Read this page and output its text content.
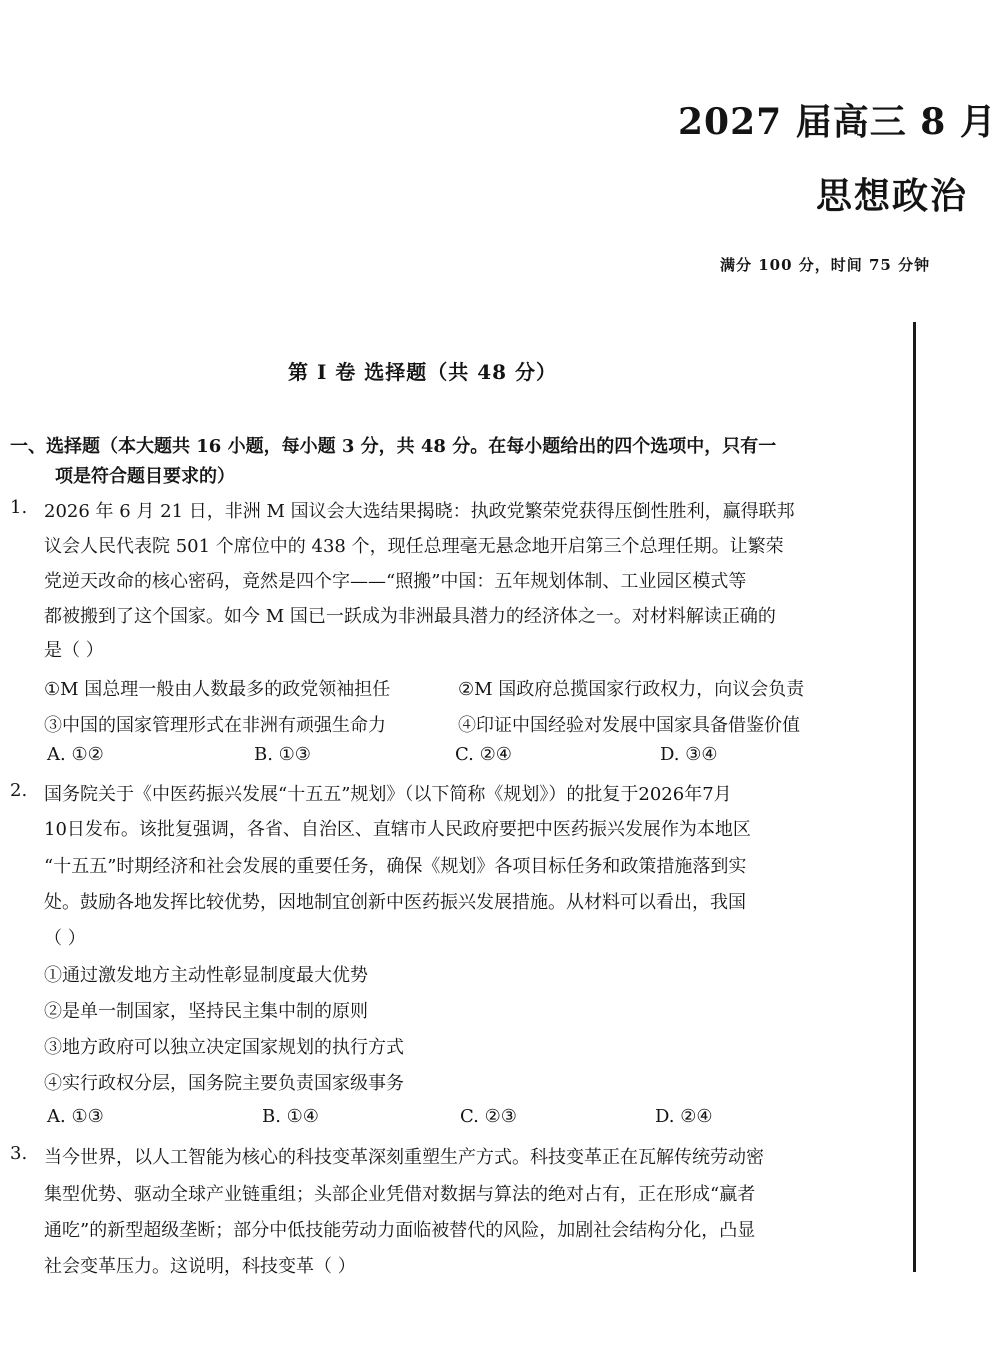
2027 届高三 8 月
思想政治
满分 100 分，时间 75 分钟
第 I 卷 选择题（共 48 分）
一、选择题（本大题共 16 小题，每小题 3 分，共 48 分。在每小题给出的四个选项中，只有一
项是符合题目要求的）
1. 2026 年 6 月 21 日，非洲 M 国议会大选结果揭晓：执政党繁荣党获得压倒性胜利，赢得联邦
议会人民代表院 501 个席位中的 438 个，现任总理毫无悬念地开启第三个总理任期。让繁荣
党逆天改命的核心密码，竟然是四个字——“照搬”中国：五年规划体制、工业园区模式等
都被搬到了这个国家。如今 M 国已一跃成为非洲最具潜力的经济体之一。对材料解读正确的
是（ ）
①M 国总理一般由人数最多的政党领袖担任	②M 国政府总揽国家行政权力，向议会负责
③中国的国家管理形式在非洲有顽强生命力	④印证中国经验对发展中国家具备借鉴价值
A. ①②	B. ①③	C. ②④	D. ③④
2. 国务院关于《中医药振兴发展“十五五”规划》（以下简称《规划》）的批复于2026年7月
10日发布。该批复强调，各省、自治区、直辖市人民政府要把中医药振兴发展作为本地区
“十五五”时期经济和社会发展的重要任务，确保《规划》各项目标任务和政策措施落到实
处。鼓励各地发挥比较优势，因地制宜创新中医药振兴发展措施。从材料可以看出，我国
（ ）
①通过激发地方主动性彰显制度最大优势
②是单一制国家，坚持民主集中制的原则
③地方政府可以独立决定国家规划的执行方式
④实行政权分层，国务院主要负责国家级事务
A. ①③	B. ①④	C. ②③	D. ②④
3. 当今世界，以人工智能为核心的科技变革深刻重塑生产方式。科技变革正在瓦解传统劳动密
集型优势、驱动全球产业链重组；头部企业凭借对数据与算法的绝对占有，正在形成“赢者
通吃”的新型超级垄断；部分中低技能劳动力面临被替代的风险，加剧社会结构分化，凸显
社会变革压力。这说明，科技变革（ ）
